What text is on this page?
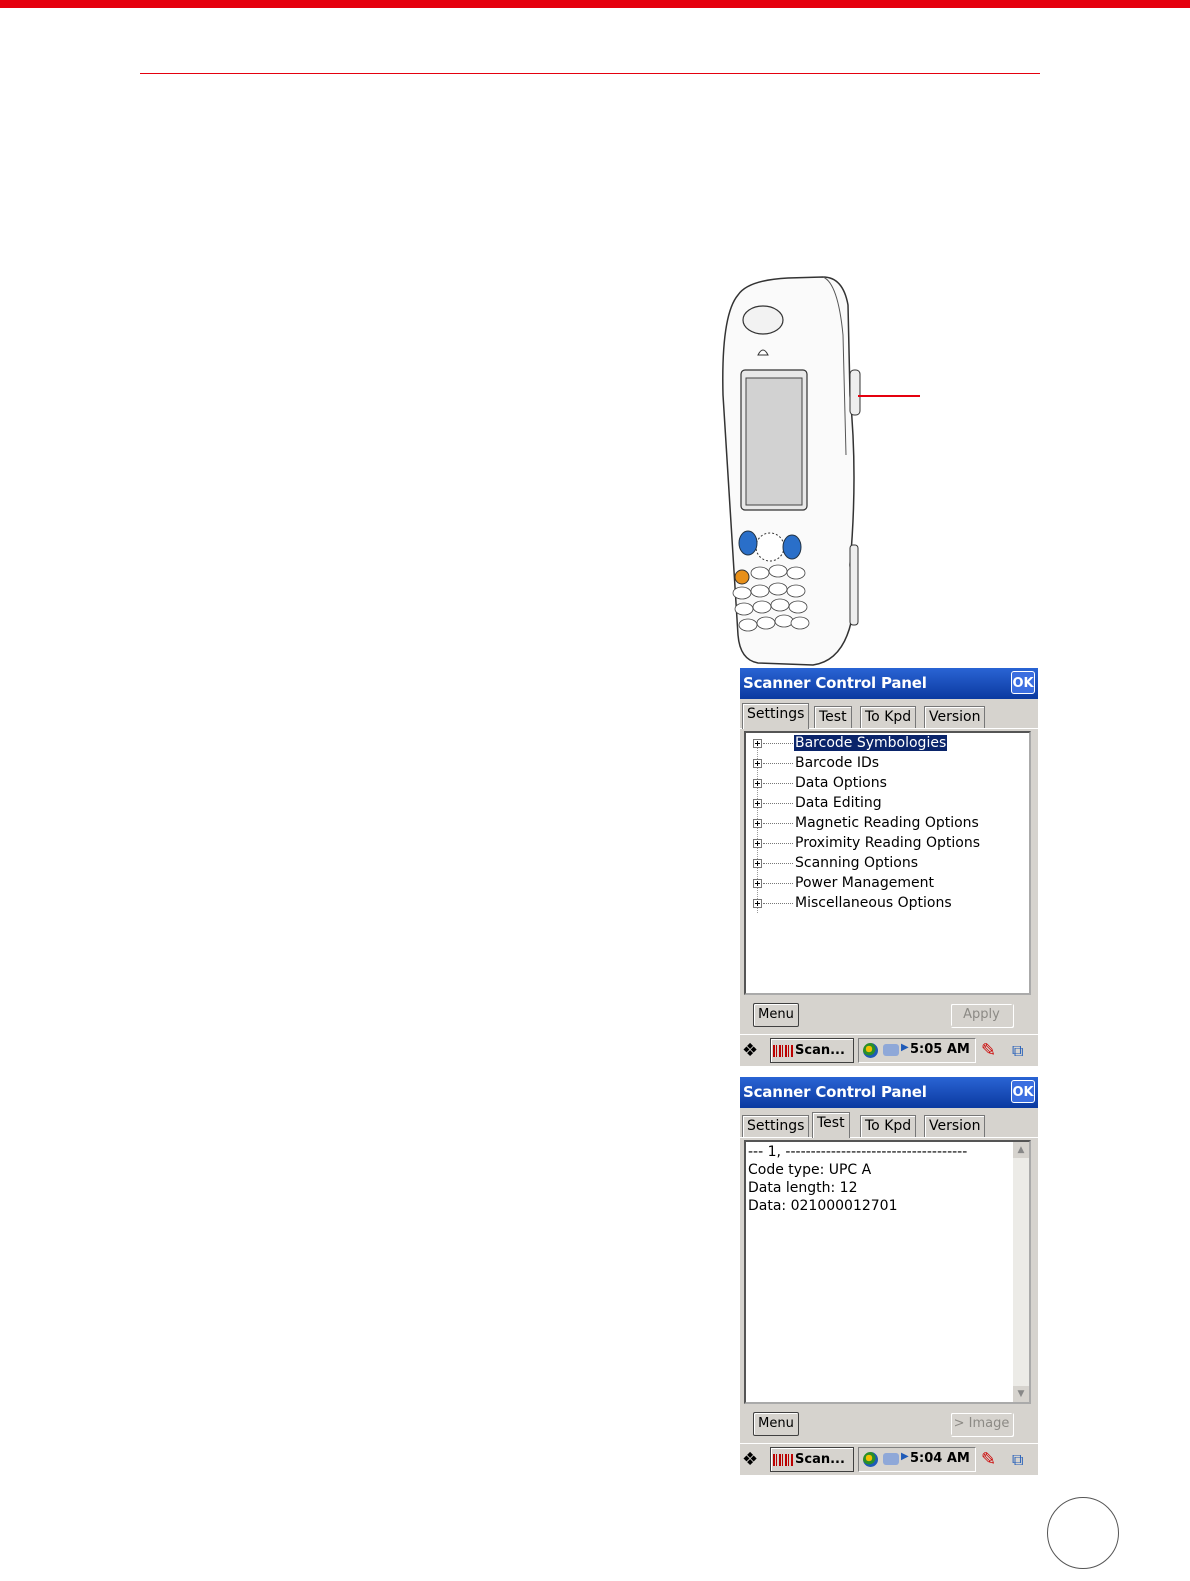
Scanner Control Panel	OK
Settings	Test	To Kpd	Version
Barcode Symbologies
Barcode IDs
Data Options
Data Editing
Magnetic Reading Options
Proximity Reading Options
Scanning Options
Power Management
Miscellaneous Options
Menu	Apply
❖	Scan...	▶ 5:05 AM ✎ ⧉
Scanner Control Panel	OK
Settings Test	To Kpd	Version
--- 1, ------------------------------------
Code type: UPC A
Data length: 12
Data: 021000012701
▲
▼
Menu	> Image
❖	Scan...	▶ 5:04 AM ✎ ⧉
